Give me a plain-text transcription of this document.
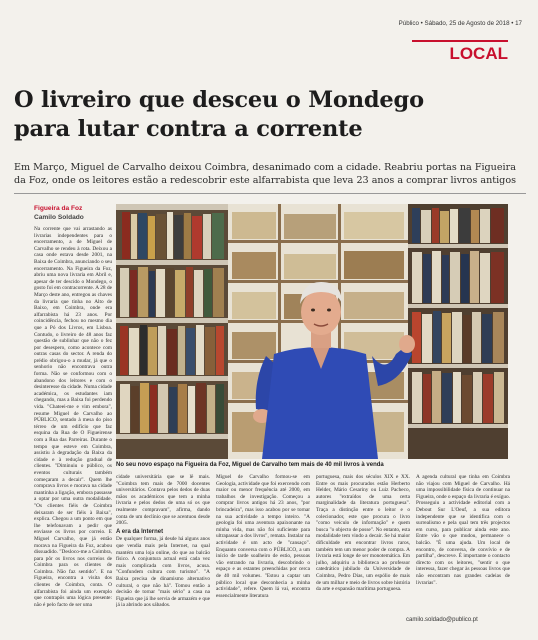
Público • Sábado, 25 de Agosto de 2018 • 17
LOCAL
O livreiro que desceu o Mondego
para lutar contra a corrente
Em Março, Miguel de Carvalho deixou Coimbra, desanimado com a cidade. Reabriu portas na Figueira da Foz, onde os leitores estão a redescobrir este alfarrabista que leva 23 anos a comprar livros antigos
Figueira da Foz
Camilo Soldado

Na corrente que vai arrastando as livrarias independentes para o encerramento, a de Miguel de Carvalho se rendeu à rota. Deixou a casa onde estava desde 2001, na Baixa de Coimbra, anunciando o seu encerramento. Na Figueira da Foz, abriu uma nova livraria em Abril e, apesar de ter descido o Mondego, o gosto foi em contracorrente. A 28 de Março deste ano, entregou as chaves da livraria que tinha no Alto de Baixo, em Coimbra, onde era alfarrabista há 23 anos. Por coincidência, fechou no mesmo dia que a Pó dos Livros, em Lisboa. Contudo, o livreiro de 48 anos faz questão de sublinhar que não o fez por desespero, como acontece com outras casas do sector. A renda do prédio obrigou-o a mudar, já que o senhorio não encontrava outra forma. Não se conformou com o abandono dos leitores e com o desinteresse da cidade. Numa cidade académica, os estudantes iam chegando, mas a Baixa foi perdendo vida. "Chateei-me e vim embora", resume Miguel de Carvalho ao PÚBLICO, sentado à mesa do piso térreo de um edifício que faz esquina da Rua de O Figueirense com a Rua das Parreiras. Durante o tempo que esteve em Coimbra, assistiu à degradação da Baixa da cidade e à redução gradual de clientes. "Diminuiu o público, os eventos culturais também começaram a decair". Quem lhe comprava livros e morava na cidade mantinha a ligação, embora passasse a optar por uma outra modalidade. "Os clientes fiéis de Coimbra deixaram de ser fiéis à Baixa", explica. Chegou a um ponto em que lhe telefonavam a pedir que enviasse os livros por correio. E Miguel Carvalho, que já então morava na Figueira da Foz, acabou dissuadido. "Desloco-me a Coimbra, para pôr os livros nos correios de Coimbra para os clientes de Coimbra. Não faz sentido". E na Figueira, encontra a visita dos clientes de Coimbra, conta. O alfarrabista foi ainda um exemplo que contrapôs uma lógica presente: não é pelo facto de ser uma

No seu novo espaço na Figueira da Foz, Miguel de Carvalho tem mais de 40 mil livros à venda

cidade universitária que se lê mais. "Coimbra tem mais de 7000 docentes universitários. Contava pelos dedos de duas mãos os académicos que tem a minha livraria e pelos dedos de uma só os que realmente compravam", afirma, dando conta de um declínio que se acentuou desde 2005.

A era da Internet

De qualquer forma, já desde há alguns anos que vendia mais pela Internet, na qual mantém uma loja online, do que ao balcão físico. A conjuntura actual está cada vez mais complicada com livros, acusa. "Confundem cultura com turismo". "A Baixa precisa de dinamismo alternativo cultural, o que não há". Tomou então a decisão de tornar "mais sério" a casa na Figueira que já lhe servia de armazém e que já ia abrindo aos sábados.

Miguel de Carvalho formou-se em Geologia, actividade que foi exercendo com maior ou menor frequência até 2000, em trabalhos de investigação. Começou a comprar livros antigos há 23 anos, "por brincadeira", mas isso acabou por se tornar na sua actividade a tempo inteiro. "A geologia foi uma aventura apaixonante na minha vida, mas não foi suficiente para ultrapassar a dos livros", remata. Instalar na actividade é um acto de "cansaço". Enquanto conversa com o PÚBLICO, a um início de tarde soalheiro de estio, pessoas vão entrando na livraria, descobrindo o espaço e as estantes preenchidas por cerca de 40 mil volumes. "Estou a captar um público local que desconhecia a minha actividade", refere. Quem lá vai, encontra essencialmente literatura

portuguesa, mais dos séculos XIX e XX. Entre os mais procurados estão Herberto Helder, Mário Cesariny ou Luiz Pacheco, autores "extraídos de uma certa marginalidade da literatura portuguesa". Traça a distinção entre o leitor e o colecionador, este que procura o livro "como veículo de informação" e quem busca "o objecto de posse". No entanto, esta modalidade tem vindo a decair. Se há maior dificuldade em encontrar livros raros, também tem um menor poder de compra. A livraria está longe de ser monotemática. Em julho, adquiriu a biblioteca ao professor catedrático jubilado da Universidade de Coimbra, Pedro Dias, um espólio de mais de um milhar e meio de livros sobre história da arte e expansão marítima portuguesa.

A agenda cultural que tinha em Coimbra não viajou com Miguel de Carvalho. Há uma impossibilidade física de continuar na Figueira, onde o espaço da livraria é exíguo. Prosseguiu a actividade editorial com a Debout Sur L'Oeuf, a sua editora independente que se identifica com o surrealismo e pela qual tem três projectos em curso, para publicar ainda este ano. Entre vão o que mudou, permanece o balcão. "É uma ajuda. Um local de encontro, de conversa, de convívio e de partilha", descreve. É importante o contacto directo com os leitores, "sentir o que interessa, fazer chegar às pessoas livros que não encontram nas grandes cadeias de livrarias".

camilo.soldado@publico.pt
